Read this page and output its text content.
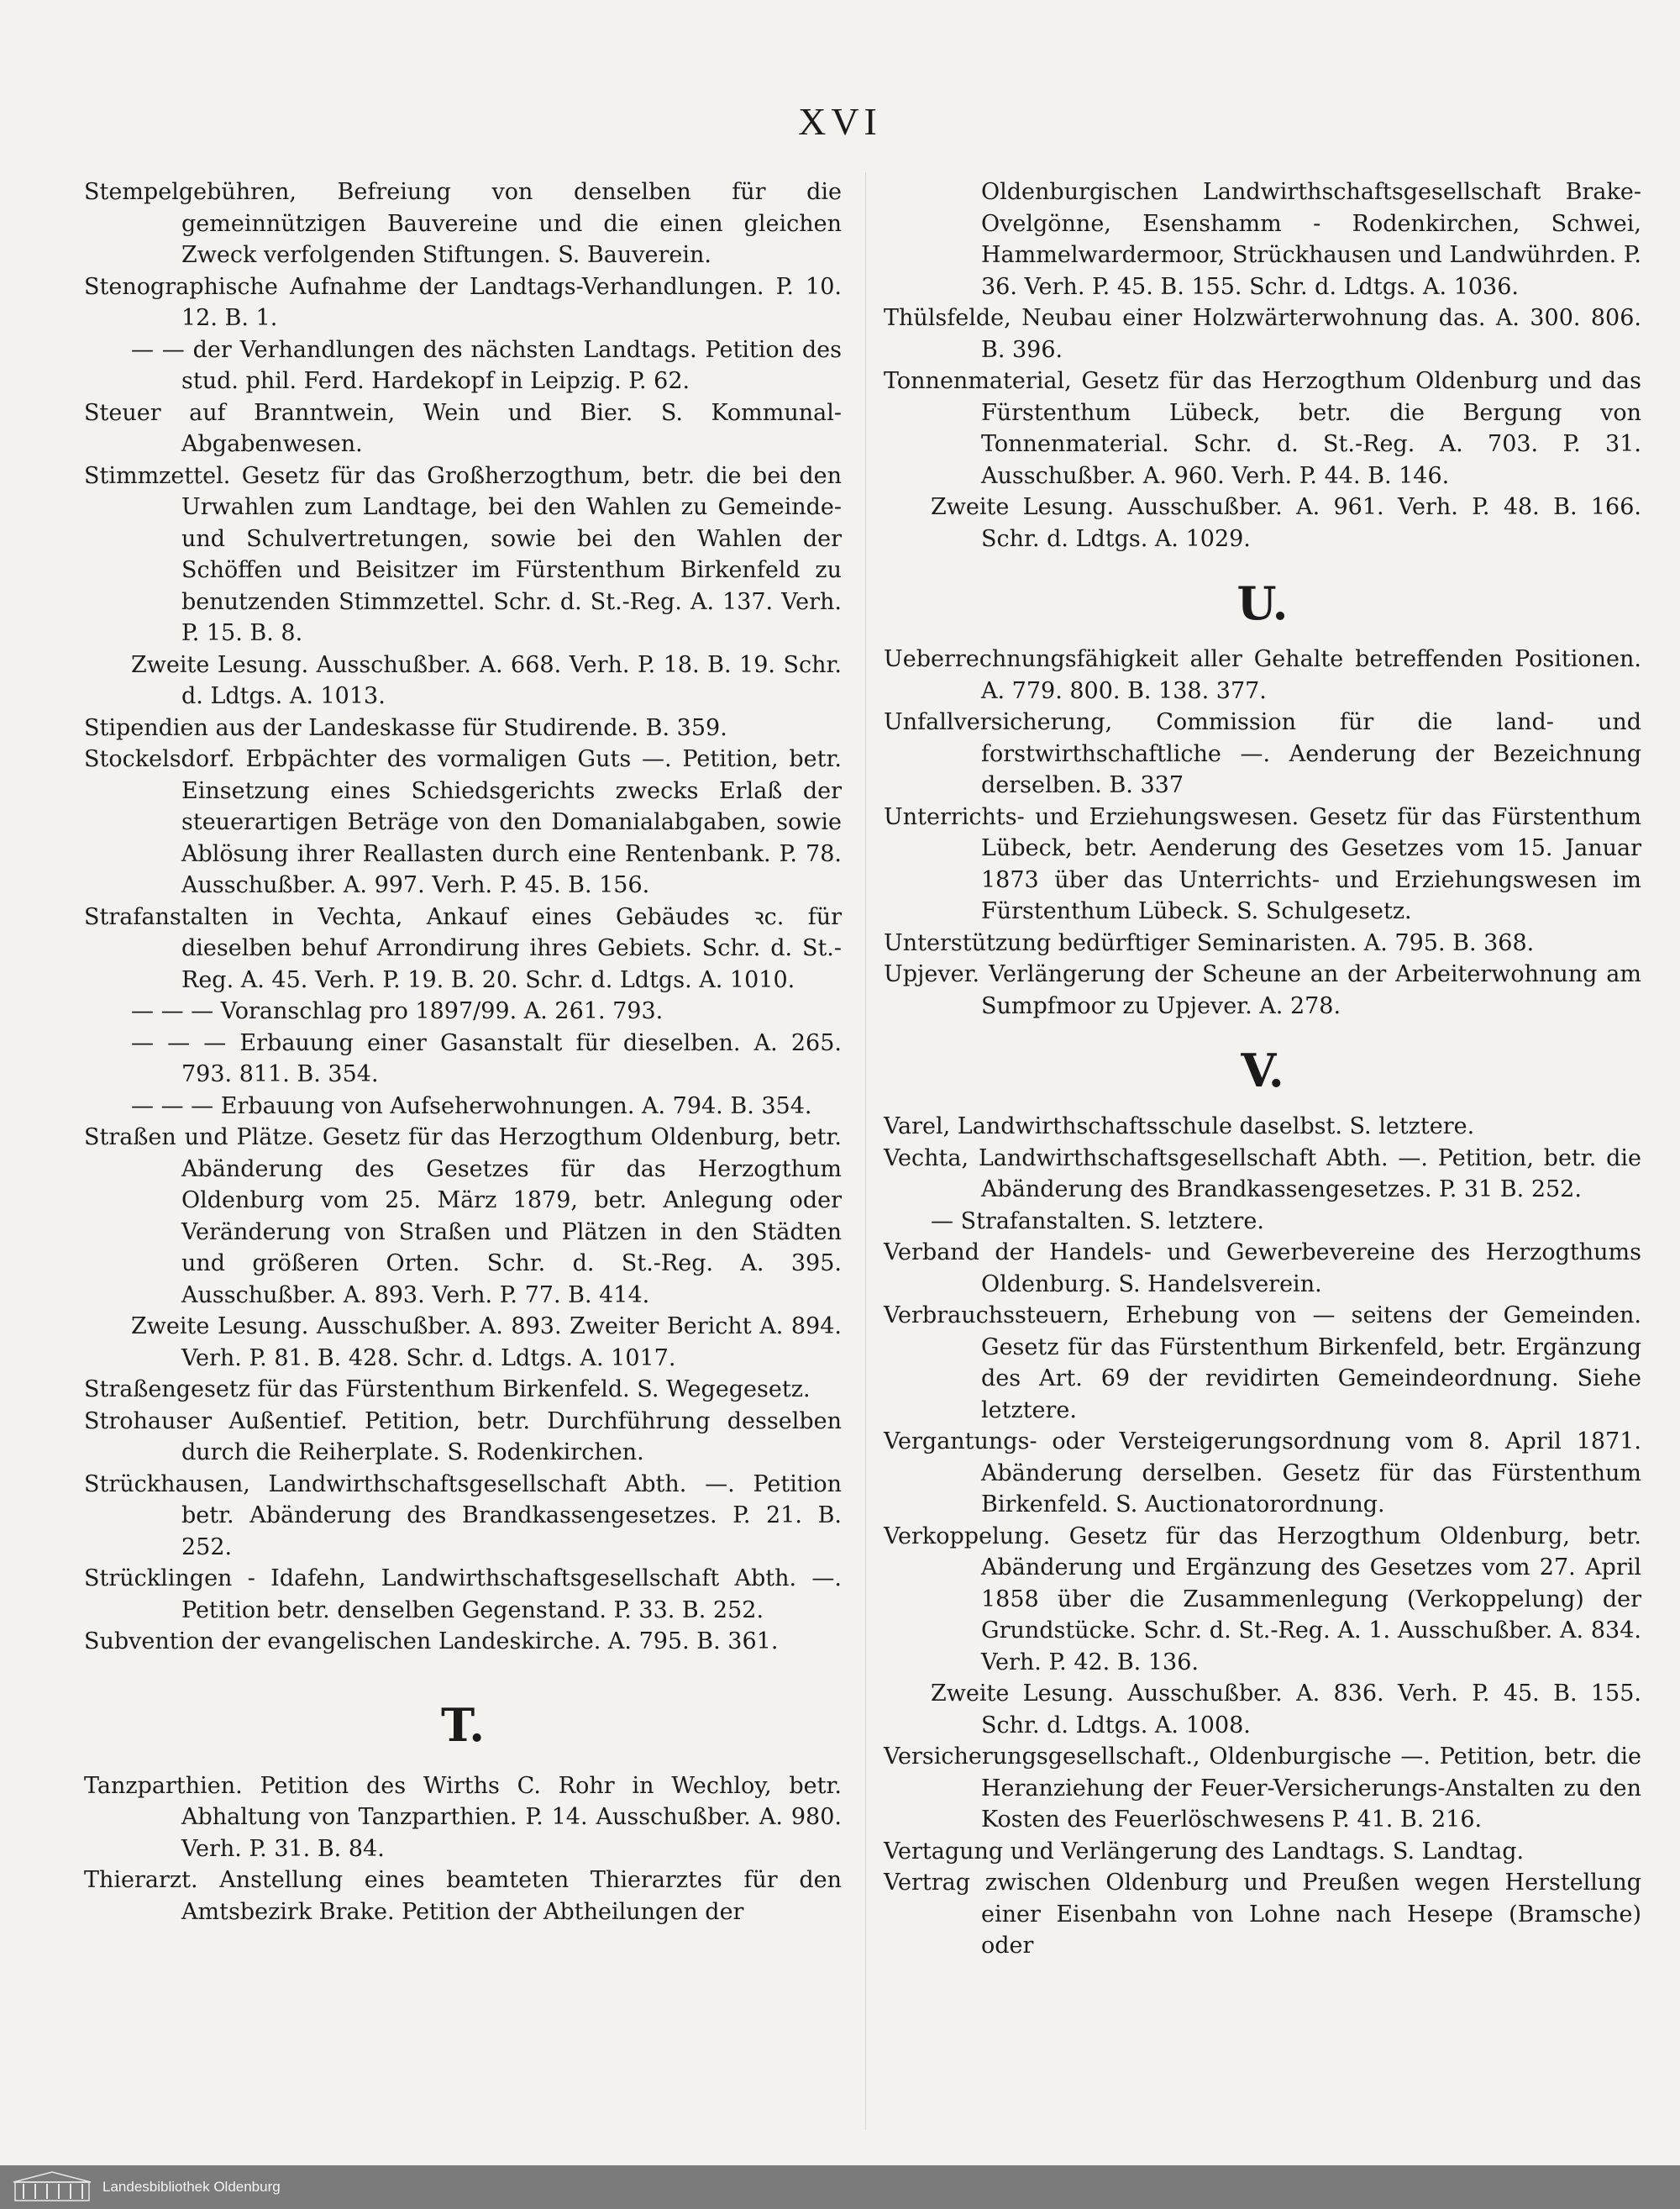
XVI

Stempelgebühren, Befreiung von denselben für die gemeinnützigen Bauvereine und die einen gleichen Zweck verfolgenden Stiftungen. S. Bauverein.

Stenographische Aufnahme der Landtags-Verhandlungen. P. 10. 12. B. 1.

— — der Verhandlungen des nächsten Landtags. Petition des stud. phil. Ferd. Hardekopf in Leipzig. P. 62.

Steuer auf Branntwein, Wein und Bier. S. Kommunal-Abgabenwesen.

Stimmzettel. Gesetz für das Großherzogthum, betr. die bei den Urwahlen zum Landtage, bei den Wahlen zu Gemeinde- und Schulvertretungen, sowie bei den Wahlen der Schöffen und Beisitzer im Fürstenthum Birkenfeld zu benutzenden Stimmzettel. Schr. d. St.-Reg. A. 137. Verh. P. 15. B. 8.

Zweite Lesung. Ausschußber. A. 668. Verh. P. 18. B. 19. Schr. d. Ldtgs. A. 1013.

Stipendien aus der Landeskasse für Studirende. B. 359.

Stockelsdorf. Erbpächter des vormaligen Guts —. Petition, betr. Einsetzung eines Schiedsgerichts zwecks Erlaß der steuerartigen Beträge von den Domanialabgaben, sowie Ablösung ihrer Reallasten durch eine Rentenbank. P. 78. Ausschußber. A. 997. Verh. P. 45. B. 156.

Strafanstalten in Vechta, Ankauf eines Gebäudes ꝛc. für dieselben behuf Arrondirung ihres Gebiets. Schr. d. St.-Reg. A. 45. Verh. P. 19. B. 20. Schr. d. Ldtgs. A. 1010.

— — — Voranschlag pro 1897/99. A. 261. 793.

— — — Erbauung einer Gasanstalt für dieselben. A. 265. 793. 811. B. 354.

— — — Erbauung von Aufseherwohnungen. A. 794. B. 354.

Straßen und Plätze. Gesetz für das Herzogthum Oldenburg, betr. Abänderung des Gesetzes für das Herzogthum Oldenburg vom 25. März 1879, betr. Anlegung oder Veränderung von Straßen und Plätzen in den Städten und größeren Orten. Schr. d. St.-Reg. A. 395. Ausschußber. A. 893. Verh. P. 77. B. 414.

Zweite Lesung. Ausschußber. A. 893. Zweiter Bericht A. 894. Verh. P. 81. B. 428. Schr. d. Ldtgs. A. 1017.

Straßengesetz für das Fürstenthum Birkenfeld. S. Wegegesetz.

Strohauser Außentief. Petition, betr. Durchführung desselben durch die Reiherplate. S. Rodenkirchen.

Strückhausen, Landwirthschaftsgesellschaft Abth. —. Petition betr. Abänderung des Brandkassengesetzes. P. 21. B. 252.

Strücklingen - Idafehn, Landwirthschaftsgesellschaft Abth. —. Petition betr. denselben Gegenstand. P. 33. B. 252.

Subvention der evangelischen Landeskirche. A. 795. B. 361.

T.

Tanzparthien. Petition des Wirths C. Rohr in Wechloy, betr. Abhaltung von Tanzparthien. P. 14. Ausschußber. A. 980. Verh. P. 31. B. 84.

Thierarzt. Anstellung eines beamteten Thierarztes für den Amtsbezirk Brake. Petition der Abtheilungen der

Oldenburgischen Landwirthschaftsgesellschaft Brake-Ovelgönne, Esenshamm - Rodenkirchen, Schwei, Hammelwardermoor, Strückhausen und Landwührden. P. 36. Verh. P. 45. B. 155. Schr. d. Ldtgs. A. 1036.

Thülsfelde, Neubau einer Holzwärterwohnung das. A. 300. 806. B. 396.

Tonnenmaterial, Gesetz für das Herzogthum Oldenburg und das Fürstenthum Lübeck, betr. die Bergung von Tonnenmaterial. Schr. d. St.-Reg. A. 703. P. 31. Ausschußber. A. 960. Verh. P. 44. B. 146.

Zweite Lesung. Ausschußber. A. 961. Verh. P. 48. B. 166. Schr. d. Ldtgs. A. 1029.

U.

Ueberrechnungsfähigkeit aller Gehalte betreffenden Positionen. A. 779. 800. B. 138. 377.

Unfallversicherung, Commission für die land- und forstwirthschaftliche —. Aenderung der Bezeichnung derselben. B. 337

Unterrichts- und Erziehungswesen. Gesetz für das Fürstenthum Lübeck, betr. Aenderung des Gesetzes vom 15. Januar 1873 über das Unterrichts- und Erziehungswesen im Fürstenthum Lübeck. S. Schulgesetz.

Unterstützung bedürftiger Seminaristen. A. 795. B. 368.

Upjever. Verlängerung der Scheune an der Arbeiterwohnung am Sumpfmoor zu Upjever. A. 278.

V.

Varel, Landwirthschaftsschule daselbst. S. letztere.

Vechta, Landwirthschaftsgesellschaft Abth. —. Petition, betr. die Abänderung des Brandkassengesetzes. P. 31 B. 252.

— Strafanstalten. S. letztere.

Verband der Handels- und Gewerbevereine des Herzogthums Oldenburg. S. Handelsverein.

Verbrauchssteuern, Erhebung von — seitens der Gemeinden. Gesetz für das Fürstenthum Birkenfeld, betr. Ergänzung des Art. 69 der revidirten Gemeindeordnung. Siehe letztere.

Vergantungs- oder Versteigerungsordnung vom 8. April 1871. Abänderung derselben. Gesetz für das Fürstenthum Birkenfeld. S. Auctionatorordnung.

Verkoppelung. Gesetz für das Herzogthum Oldenburg, betr. Abänderung und Ergänzung des Gesetzes vom 27. April 1858 über die Zusammenlegung (Verkoppelung) der Grundstücke. Schr. d. St.-Reg. A. 1. Ausschußber. A. 834. Verh. P. 42. B. 136.

Zweite Lesung. Ausschußber. A. 836. Verh. P. 45. B. 155. Schr. d. Ldtgs. A. 1008.

Versicherungsgesellschaft., Oldenburgische —. Petition, betr. die Heranziehung der Feuer-Versicherungs-Anstalten zu den Kosten des Feuerlöschwesens P. 41. B. 216.

Vertagung und Verlängerung des Landtags. S. Landtag.

Vertrag zwischen Oldenburg und Preußen wegen Herstellung einer Eisenbahn von Lohne nach Hesepe (Bramsche) oder

Landesbibliothek Oldenburg
